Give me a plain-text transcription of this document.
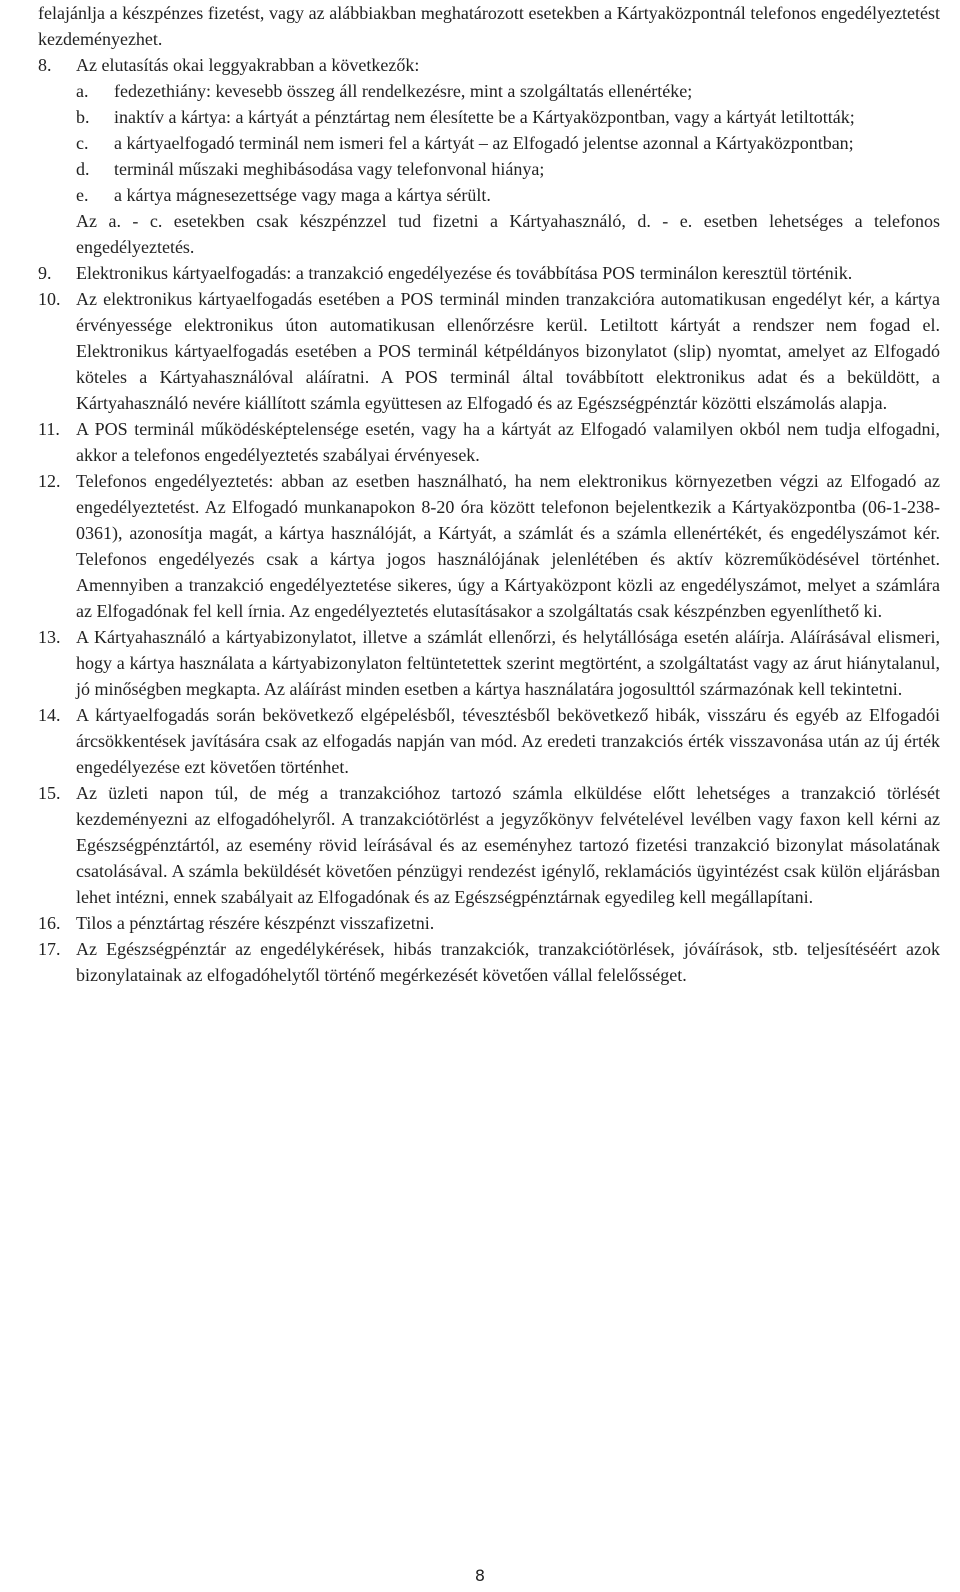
felajánlja a készpénzes fizetést, vagy az alábbiakban meghatározott esetekben a Kártyaközpontnál telefonos engedélyeztetést kezdeményezhet.

8. Az elutasítás okai leggyakrabban a következők:
a. fedezethiány: kevesebb összeg áll rendelkezésre, mint a szolgáltatás ellenértéke;
b. inaktív a kártya: a kártyát a pénztártag nem élesítette be a Kártyaközpontban, vagy a kártyát letiltották;
c. a kártyaelfogadó terminál nem ismeri fel a kártyát – az Elfogadó jelentse azonnal a Kártyaközpontban;
d. terminál műszaki meghibásodása vagy telefonvonal hiánya;
e. a kártya mágnesezettsége vagy maga a kártya sérült.
Az a. - c. esetekben csak készpénzzel tud fizetni a Kártyahasználó, d. - e. esetben lehetséges a telefonos engedélyeztetés.
9. Elektronikus kártyaelfogadás: a tranzakció engedélyezése és továbbítása POS terminálon keresztül történik.
10. Az elektronikus kártyaelfogadás esetében a POS terminál minden tranzakcióra automatikusan engedélyt kér, a kártya érvényessége elektronikus úton automatikusan ellenőrzésre kerül. Letiltott kártyát a rendszer nem fogad el. Elektronikus kártyaelfogadás esetében a POS terminál kétpéldányos bizonylatot (slip) nyomtat, amelyet az Elfogadó köteles a Kártyahasználóval aláíratni. A POS terminál által továbbított elektronikus adat és a beküldött, a Kártyahasználó nevére kiállított számla együttesen az Elfogadó és az Egészségpénztár közötti elszámolás alapja.
11. A POS terminál működésképtelensége esetén, vagy ha a kártyát az Elfogadó valamilyen okból nem tudja elfogadni, akkor a telefonos engedélyeztetés szabályai érvényesek.
12. Telefonos engedélyeztetés: abban az esetben használható, ha nem elektronikus környezetben végzi az Elfogadó az engedélyeztetést. Az Elfogadó munkanapokon 8-20 óra között telefonon bejelentkezik a Kártyaközpontba (06-1-238-0361), azonosítja magát, a kártya használóját, a Kártyát, a számlát és a számla ellenértékét, és engedélyszámot kér. Telefonos engedélyezés csak a kártya jogos használójának jelenlétében és aktív közreműködésével történhet. Amennyiben a tranzakció engedélyeztetése sikeres, úgy a Kártyaközpont közli az engedélyszámot, melyet a számlára az Elfogadónak fel kell írnia. Az engedélyeztetés elutasításakor a szolgáltatás csak készpénzben egyenlíthető ki.
13. A Kártyahasználó a kártyabizonylatot, illetve a számlát ellenőrzi, és helytállósága esetén aláírja. Aláírásával elismeri, hogy a kártya használata a kártyabizonylaton feltüntetettek szerint megtörtént, a szolgáltatást vagy az árut hiánytalanul, jó minőségben megkapta. Az aláírást minden esetben a kártya használatára jogosulttól származónak kell tekintetni.
14. A kártyaelfogadás során bekövetkező elgépelésből, tévesztésből bekövetkező hibák, visszáru és egyéb az Elfogadói árcsökkentések javítására csak az elfogadás napján van mód. Az eredeti tranzakciós érték visszavonása után az új érték engedélyezése ezt követően történhet.
15. Az üzleti napon túl, de még a tranzakcióhoz tartozó számla elküldése előtt lehetséges a tranzakció törlését kezdeményezni az elfogadóhelyről. A tranzakciótörlést a jegyzőkönyv felvételével levélben vagy faxon kell kérni az Egészségpénztártól, az esemény rövid leírásával és az eseményhez tartozó fizetési tranzakció bizonylat másolatának csatolásával. A számla beküldését követően pénzügyi rendezést igénylő, reklamációs ügyintézést csak külön eljárásban lehet intézni, ennek szabályait az Elfogadónak és az Egészségpénztárnak egyedileg kell megállapítani.
16. Tilos a pénztártag részére készpénzt visszafizetni.
17. Az Egészségpénztár az engedélykérések, hibás tranzakciók, tranzakciótörlések, jóváírások, stb. teljesítéséért azok bizonylatainak az elfogadóhelytől történő megérkezését követően vállal felelősséget.
8
